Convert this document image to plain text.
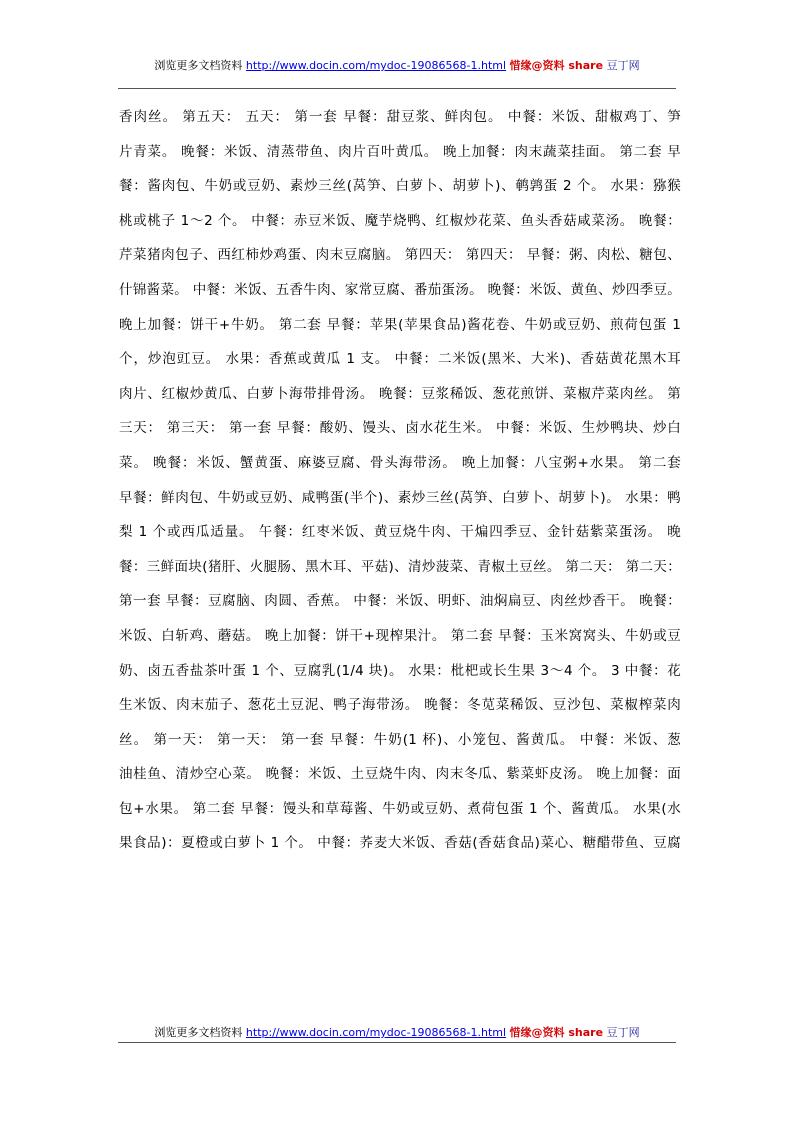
浏览更多文档资料 http://www.docin.com/mydoc-19086568-1.html 惜缘@资料 share 豆丁网
香肉丝。 第五天： 五天： 第一套 早餐：甜豆浆、鲜肉包。 中餐：米饭、甜椒鸡丁、笋
片青菜。 晚餐：米饭、清蒸带鱼、肉片百叶黄瓜。 晚上加餐：肉末蔬菜挂面。 第二套 早
餐：酱肉包、牛奶或豆奶、素炒三丝(莴笋、白萝卜、胡萝卜)、鹌鹑蛋 2 个。 水果：猕猴
桃或桃子 1～2 个。 中餐：赤豆米饭、魔芋烧鸭、红椒炒花菜、鱼头香菇咸菜汤。 晚餐：
芹菜猪肉包子、西红柿炒鸡蛋、肉末豆腐脑。 第四天： 第四天： 早餐：粥、肉松、糖包、
什锦酱菜。 中餐：米饭、五香牛肉、家常豆腐、番茄蛋汤。 晚餐：米饭、黄鱼、炒四季豆。
晚上加餐：饼干+牛奶。 第二套 早餐：苹果(苹果食品)酱花卷、牛奶或豆奶、煎荷包蛋 1
个，炒泡豇豆。 水果：香蕉或黄瓜 1 支。 中餐：二米饭(黑米、大米)、香菇黄花黑木耳
肉片、红椒炒黄瓜、白萝卜海带排骨汤。 晚餐：豆浆稀饭、葱花煎饼、菜椒芹菜肉丝。 第
三天： 第三天： 第一套 早餐：酸奶、馒头、卤水花生米。 中餐：米饭、生炒鸭块、炒白
菜。 晚餐：米饭、蟹黄蛋、麻婆豆腐、骨头海带汤。 晚上加餐：八宝粥+水果。 第二套
早餐：鲜肉包、牛奶或豆奶、咸鸭蛋(半个)、素炒三丝(莴笋、白萝卜、胡萝卜)。 水果：鸭
梨 1 个或西瓜适量。 午餐：红枣米饭、黄豆烧牛肉、干煸四季豆、金针菇紫菜蛋汤。 晚
餐：三鲜面块(猪肝、火腿肠、黑木耳、平菇)、清炒菠菜、青椒土豆丝。 第二天： 第二天：
第一套 早餐：豆腐脑、肉圆、香蕉。 中餐：米饭、明虾、油焖扁豆、肉丝炒香干。 晚餐：
米饭、白斩鸡、蘑菇。 晚上加餐：饼干+现榨果汁。 第二套 早餐：玉米窝窝头、牛奶或豆
奶、卤五香盐茶叶蛋 1 个、豆腐乳(1/4 块)。 水果：枇杷或长生果 3～4 个。 3 中餐：花
生米饭、肉末茄子、葱花土豆泥、鸭子海带汤。 晚餐：冬苋菜稀饭、豆沙包、菜椒榨菜肉
丝。 第一天： 第一天： 第一套 早餐：牛奶(1 杯)、小笼包、酱黄瓜。 中餐：米饭、葱
油桂鱼、清炒空心菜。 晚餐：米饭、土豆烧牛肉、肉末冬瓜、紫菜虾皮汤。 晚上加餐：面
包+水果。 第二套 早餐：馒头和草莓酱、牛奶或豆奶、煮荷包蛋 1 个、酱黄瓜。 水果(水
果食品)：夏橙或白萝卜 1 个。 中餐：荞麦大米饭、香菇(香菇食品)菜心、糖醋带鱼、豆腐
浏览更多文档资料 http://www.docin.com/mydoc-19086568-1.html 惜缘@资料 share 豆丁网
